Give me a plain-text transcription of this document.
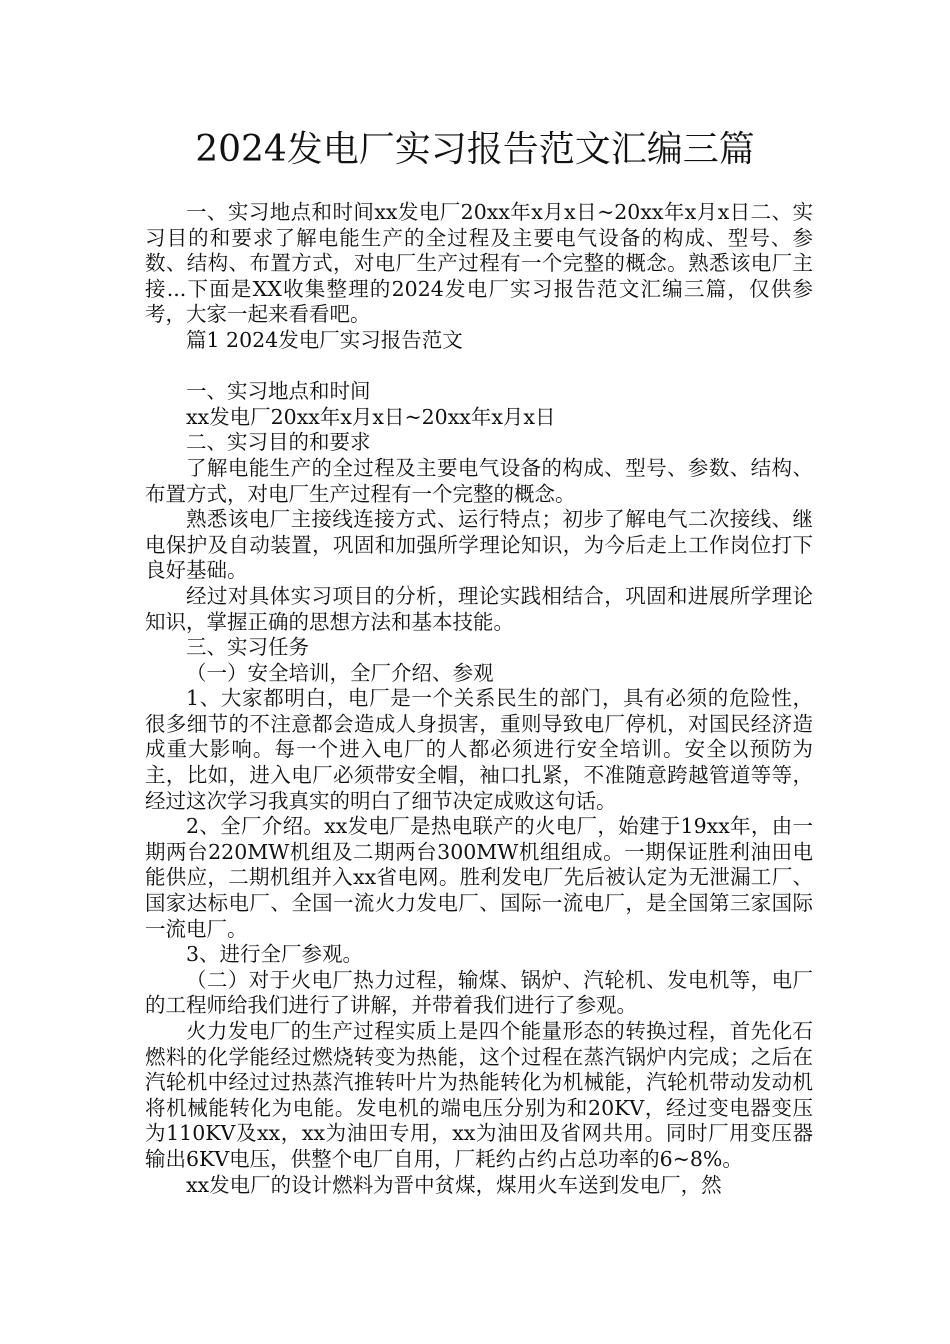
2024发电厂实习报告范文汇编三篇

一、实习地点和时间xx发电厂20xx年x月x日~20xx年x月x日二、实习目的和要求了解电能生产的全过程及主要电气设备的构成、型号、参数、结构、布置方式，对电厂生产过程有一个完整的概念。熟悉该电厂主接...下面是XX收集整理的2024发电厂实习报告范文汇编三篇，仅供参考，大家一起来看看吧。

篇1 2024发电厂实习报告范文

一、实习地点和时间

xx发电厂20xx年x月x日~20xx年x月x日

二、实习目的和要求

了解电能生产的全过程及主要电气设备的构成、型号、参数、结构、布置方式，对电厂生产过程有一个完整的概念。

熟悉该电厂主接线连接方式、运行特点；初步了解电气二次接线、继电保护及自动装置，巩固和加强所学理论知识，为今后走上工作岗位打下良好基础。

经过对具体实习项目的分析，理论实践相结合，巩固和进展所学理论知识，掌握正确的思想方法和基本技能。

三、实习任务

（一）安全培训，全厂介绍、参观

1、大家都明白，电厂是一个关系民生的部门，具有必须的危险性，很多细节的不注意都会造成人身损害，重则导致电厂停机，对国民经济造成重大影响。每一个进入电厂的人都必须进行安全培训。安全以预防为主，比如，进入电厂必须带安全帽，袖口扎紧，不准随意跨越管道等等，经过这次学习我真实的明白了细节决定成败这句话。

2、全厂介绍。xx发电厂是热电联产的火电厂，始建于19xx年，由一期两台220MW机组及二期两台300MW机组组成。一期保证胜利油田电能供应，二期机组并入xx省电网。胜利发电厂先后被认定为无泄漏工厂、国家达标电厂、全国一流火力发电厂、国际一流电厂，是全国第三家国际一流电厂。

3、进行全厂参观。

（二）对于火电厂热力过程，输煤、锅炉、汽轮机、发电机等，电厂的工程师给我们进行了讲解，并带着我们进行了参观。

火力发电厂的生产过程实质上是四个能量形态的转换过程，首先化石燃料的化学能经过燃烧转变为热能，这个过程在蒸汽锅炉内完成；之后在汽轮机中经过过热蒸汽推转叶片为热能转化为机械能，汽轮机带动发动机将机械能转化为电能。发电机的端电压分别为和20KV，经过变电器变压为110KV及xx，xx为油田专用，xx为油田及省网共用。同时厂用变压器输出6KV电压，供整个电厂自用，厂耗约占约占总功率的6~8%。

xx发电厂的设计燃料为晋中贫煤，煤用火车送到发电厂，然
